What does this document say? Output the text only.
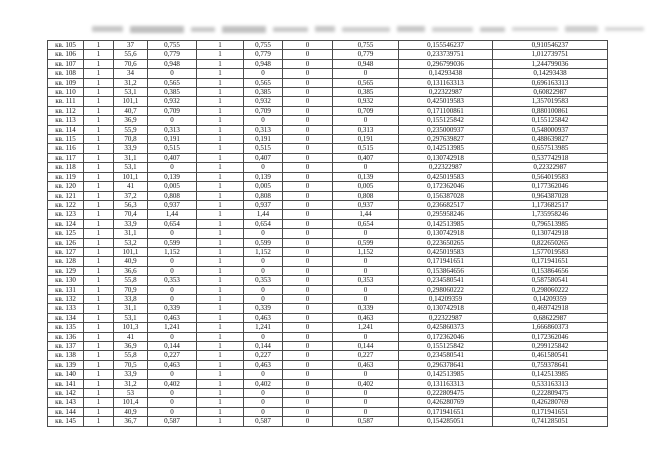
кв. 105	1	37	0,755	1	0,755	0	0,755	0,155546237	0,910546237
кв. 106	1	55,6	0,779	1	0,779	0	0,779	0,233739751	1,012739751
кв. 107	1	70,6	0,948	1	0,948	0	0,948	0,296799036	1,244799036
кв. 108	1	34	0	1	0	0	0	0,14293438	0,14293438
кв. 109	1	31,2	0,565	1	0,565	0	0,565	0,131163313	0,696163313
кв. 110	1	53,1	0,385	1	0,385	0	0,385	0,22322987	0,60822987
кв. 111	1	101,1	0,932	1	0,932	0	0,932	0,425019583	1,357019583
кв. 112	1	40,7	0,709	1	0,709	0	0,709	0,171100861	0,880100861
кв. 113	1	36,9	0	1	0	0	0	0,155125842	0,155125842
кв. 114	1	55,9	0,313	1	0,313	0	0,313	0,235000937	0,548000937
кв. 115	1	70,8	0,191	1	0,191	0	0,191	0,297639827	0,488639827
кв. 116	1	33,9	0,515	1	0,515	0	0,515	0,142513985	0,657513985
кв. 117	1	31,1	0,407	1	0,407	0	0,407	0,130742918	0,537742918
кв. 118	1	53,1	0	1	0	0	0	0,22322987	0,22322987
кв. 119	1	101,1	0,139	1	0,139	0	0,139	0,425019583	0,564019583
кв. 120	1	41	0,005	1	0,005	0	0,005	0,172362046	0,177362046
кв. 121	1	37,2	0,808	1	0,808	0	0,808	0,156387028	0,964387028
кв. 122	1	56,3	0,937	1	0,937	0	0,937	0,236682517	1,173682517
кв. 123	1	70,4	1,44	1	1,44	0	1,44	0,295958246	1,735958246
кв. 124	1	33,9	0,654	1	0,654	0	0,654	0,142513985	0,796513985
кв. 125	1	31,1	0	1	0	0	0	0,130742918	0,130742918
кв. 126	1	53,2	0,599	1	0,599	0	0,599	0,223650265	0,822650265
кв. 127	1	101,1	1,152	1	1,152	0	1,152	0,425019583	1,577019583
кв. 128	1	40,9	0	1	0	0	0	0,171941651	0,171941651
кв. 129	1	36,6	0	1	0	0	0	0,153864656	0,153864656
кв. 130	1	55,8	0,353	1	0,353	0	0,353	0,234580541	0,587580541
кв. 131	1	70,9	0	1	0	0	0	0,298060222	0,298060222
кв. 132	1	33,8	0	1	0	0	0	0,14209359	0,14209359
кв. 133	1	31,1	0,339	1	0,339	0	0,339	0,130742918	0,469742918
кв. 134	1	53,1	0,463	1	0,463	0	0,463	0,22322987	0,68622987
кв. 135	1	101,3	1,241	1	1,241	0	1,241	0,425860373	1,666860373
кв. 136	1	41	0	1	0	0	0	0,172362046	0,172362046
кв. 137	1	36,9	0,144	1	0,144	0	0,144	0,155125842	0,299125842
кв. 138	1	55,8	0,227	1	0,227	0	0,227	0,234580541	0,461580541
кв. 139	1	70,5	0,463	1	0,463	0	0,463	0,296378641	0,759378641
кв. 140	1	33,9	0	1	0	0	0	0,142513985	0,142513985
кв. 141	1	31,2	0,402	1	0,402	0	0,402	0,131163313	0,533163313
кв. 142	1	53	0	1	0	0	0	0,222809475	0,222809475
кв. 143	1	101,4	0	1	0	0	0	0,426280769	0,426280769
кв. 144	1	40,9	0	1	0	0	0	0,171941651	0,171941651
кв. 145	1	36,7	0,587	1	0,587	0	0,587	0,154285051	0,741285051
